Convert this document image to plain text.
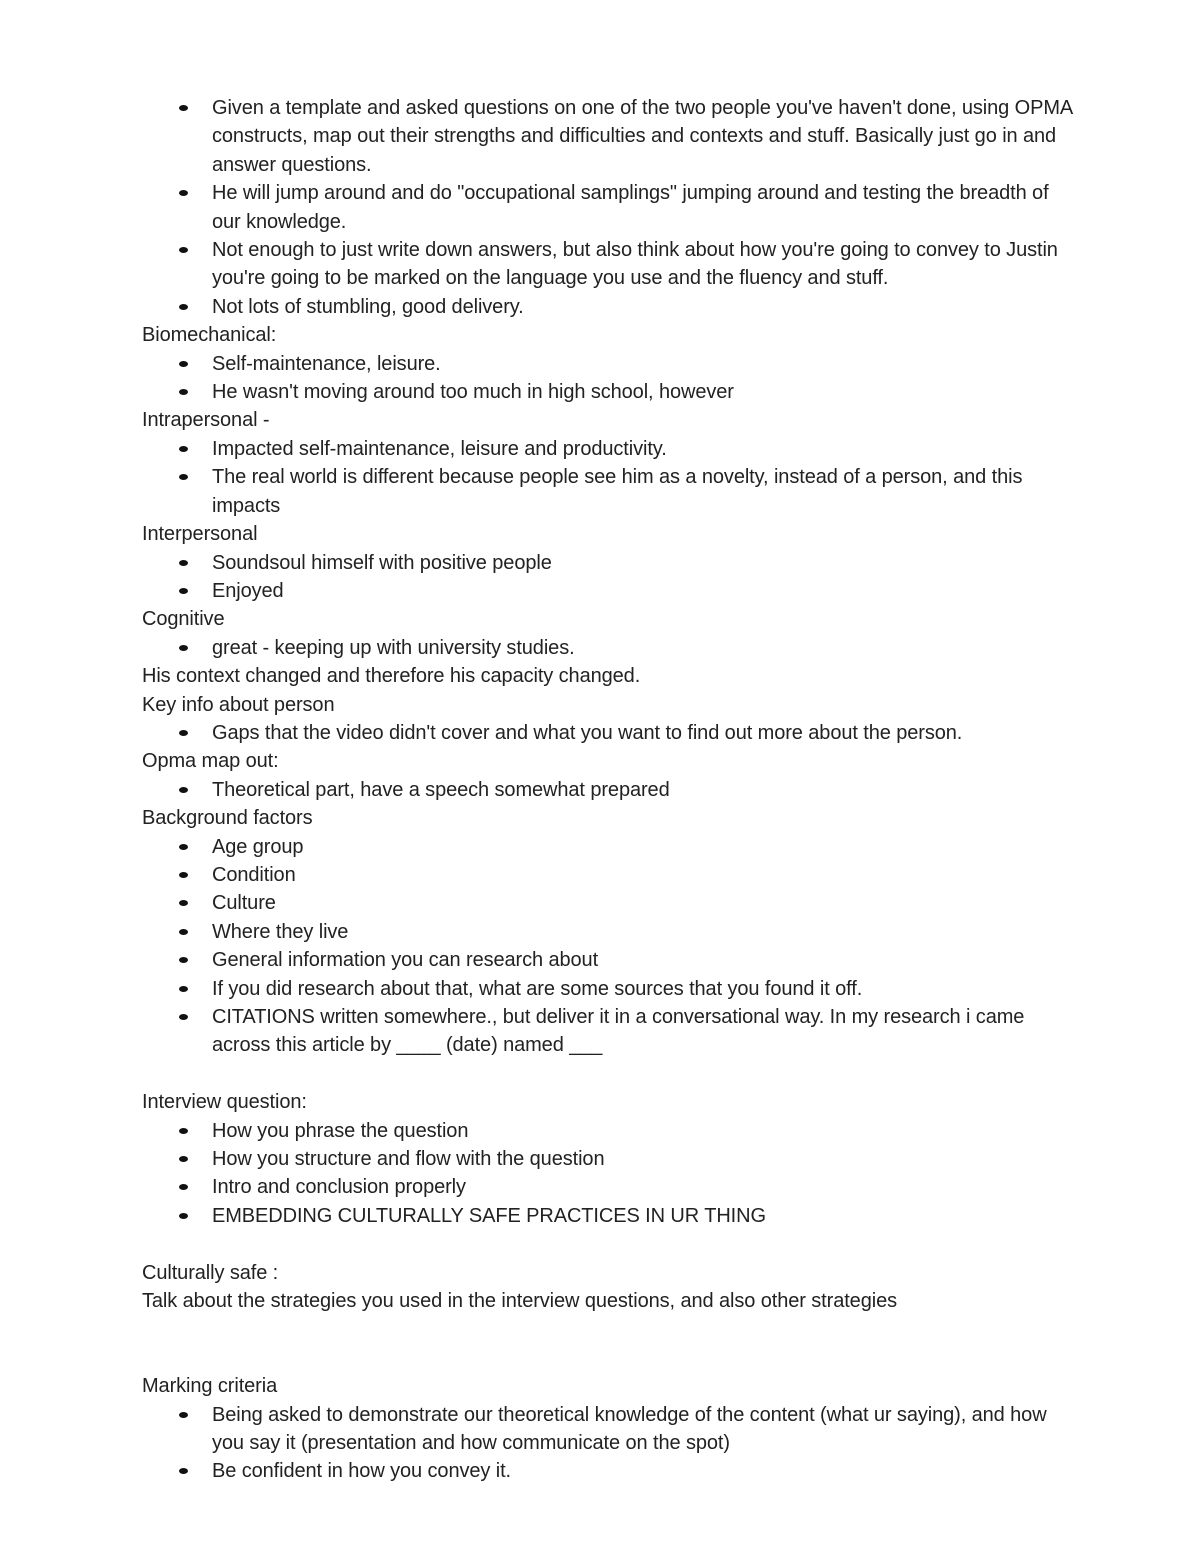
Given a template and asked questions on one of the two people you've haven't done, using OPMA constructs, map out their strengths and difficulties and contexts and stuff. Basically just go in and answer questions.
He will jump around and do "occupational samplings" jumping around and testing the breadth of our knowledge.
Not enough to just write down answers, but also think about how you're going to convey to Justin you're going to be marked on the language you use and the fluency and stuff.
Not lots of stumbling, good delivery.

Biomechanical:

Self-maintenance, leisure.
He wasn't moving around too much in high school, however

Intrapersonal -

Impacted self-maintenance, leisure and productivity.
The real world is different because people see him as a novelty, instead of a person, and this impacts

Interpersonal

Soundsoul himself with positive people
Enjoyed

Cognitive

great - keeping up with university studies.

His context changed and therefore his capacity changed.

Key info about person

Gaps that the video didn't cover and what you want to find out more about the person.

Opma map out:

Theoretical part, have a speech somewhat prepared

Background factors

Age group
Condition
Culture
Where they live
General information you can research about
If you did research about that, what are some sources that you found it off.
CITATIONS written somewhere., but deliver it in a conversational way. In my research i came across this article by ____ (date) named ___

Interview question:

How you phrase the question
How you structure and flow with the question
Intro and conclusion properly
EMBEDDING CULTURALLY SAFE PRACTICES IN UR THING

Culturally safe :

Talk about the strategies you used in the interview questions, and also other strategies

Marking criteria

Being asked to demonstrate our theoretical knowledge of the content (what ur saying), and how you say it (presentation and how communicate on the spot)
Be confident in how you convey it.
